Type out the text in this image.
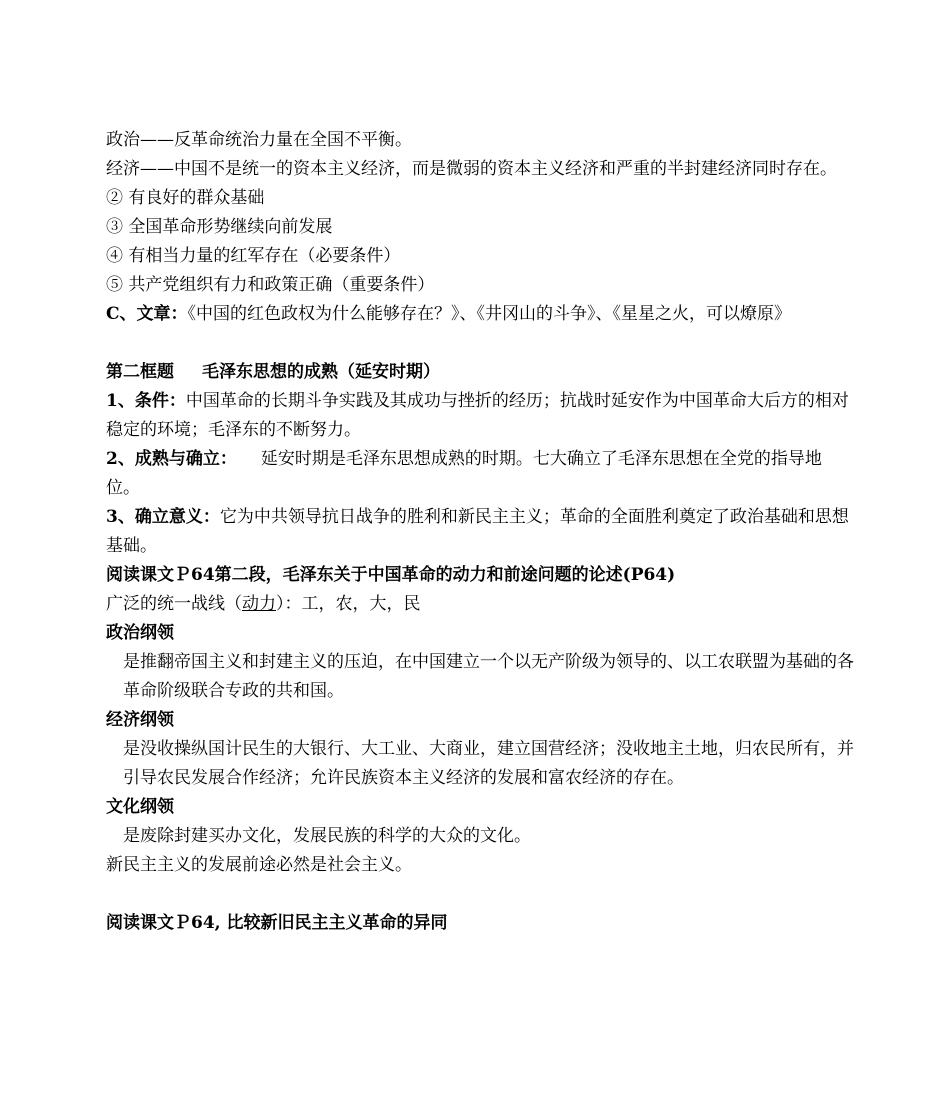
政治——反革命统治力量在全国不平衡。
经济——中国不是统一的资本主义经济，而是微弱的资本主义经济和严重的半封建经济同时存在。
② 有良好的群众基础
③ 全国革命形势继续向前发展
④ 有相当力量的红军存在（必要条件）
⑤ 共产党组织有力和政策正确（重要条件）
C、文章：《中国的红色政权为什么能够存在？》、《井冈山的斗争》、《星星之火，可以燎原》
第二框题 毛泽东思想的成熟（延安时期）
1、条件：中国革命的长期斗争实践及其成功与挫折的经历；抗战时延安作为中国革命大后方的相对稳定的环境；毛泽东的不断努力。
2、成熟与确立： 延安时期是毛泽东思想成熟的时期。七大确立了毛泽东思想在全党的指导地位。
3、确立意义：它为中共领导抗日战争的胜利和新民主主义；革命的全面胜利奠定了政治基础和思想基础。
阅读课文Ｐ64第二段，毛泽东关于中国革命的动力和前途问题的论述(P64)
广泛的统一战线（动力）：工，农，大，民
政治纲领
是推翻帝国主义和封建主义的压迫，在中国建立一个以无产阶级为领导的、以工农联盟为基础的各革命阶级联合专政的共和国。
经济纲领
是没收操纵国计民生的大银行、大工业、大商业，建立国营经济；没收地主土地，归农民所有，并引导农民发展合作经济；允许民族资本主义经济的发展和富农经济的存在。
文化纲领
是废除封建买办文化，发展民族的科学的大众的文化。
新民主主义的发展前途必然是社会主义。
阅读课文Ｐ64, 比较新旧民主主义革命的异同
